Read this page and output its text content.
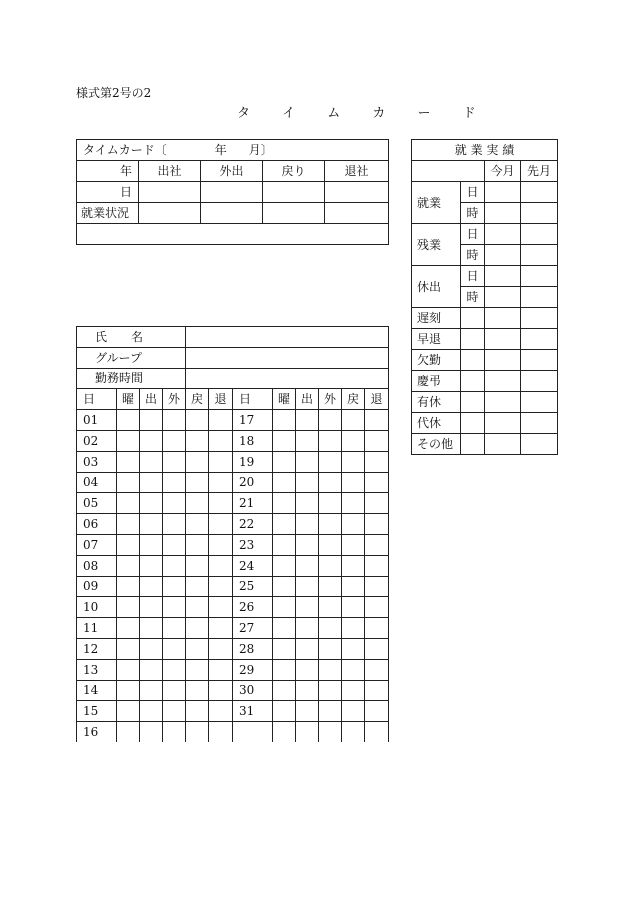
様式第2号の2
タ イ ム カ ー ド
タイムカード〔 年 月〕				
年	出社	外出	戻り	退社
日				
就業状況				

就 業 実 績			
		今月	先月
就業	日		
	時		
残業	日		
	時		
休出	日		
	時		
遅刻			
早退			
欠勤			
慶弔			
有休			
代休			
その他			
氏　　名											
グループ											
勤務時間											
日	曜	出	外	戻	退	日	曜	出	外	戻	退
01						17					
02						18					
03						19					
04						20					
05						21					
06						22					
07						23					
08						24					
09						25					
10						26					
11						27					
12						28					
13						29					
14						30					
15						31					
16											
